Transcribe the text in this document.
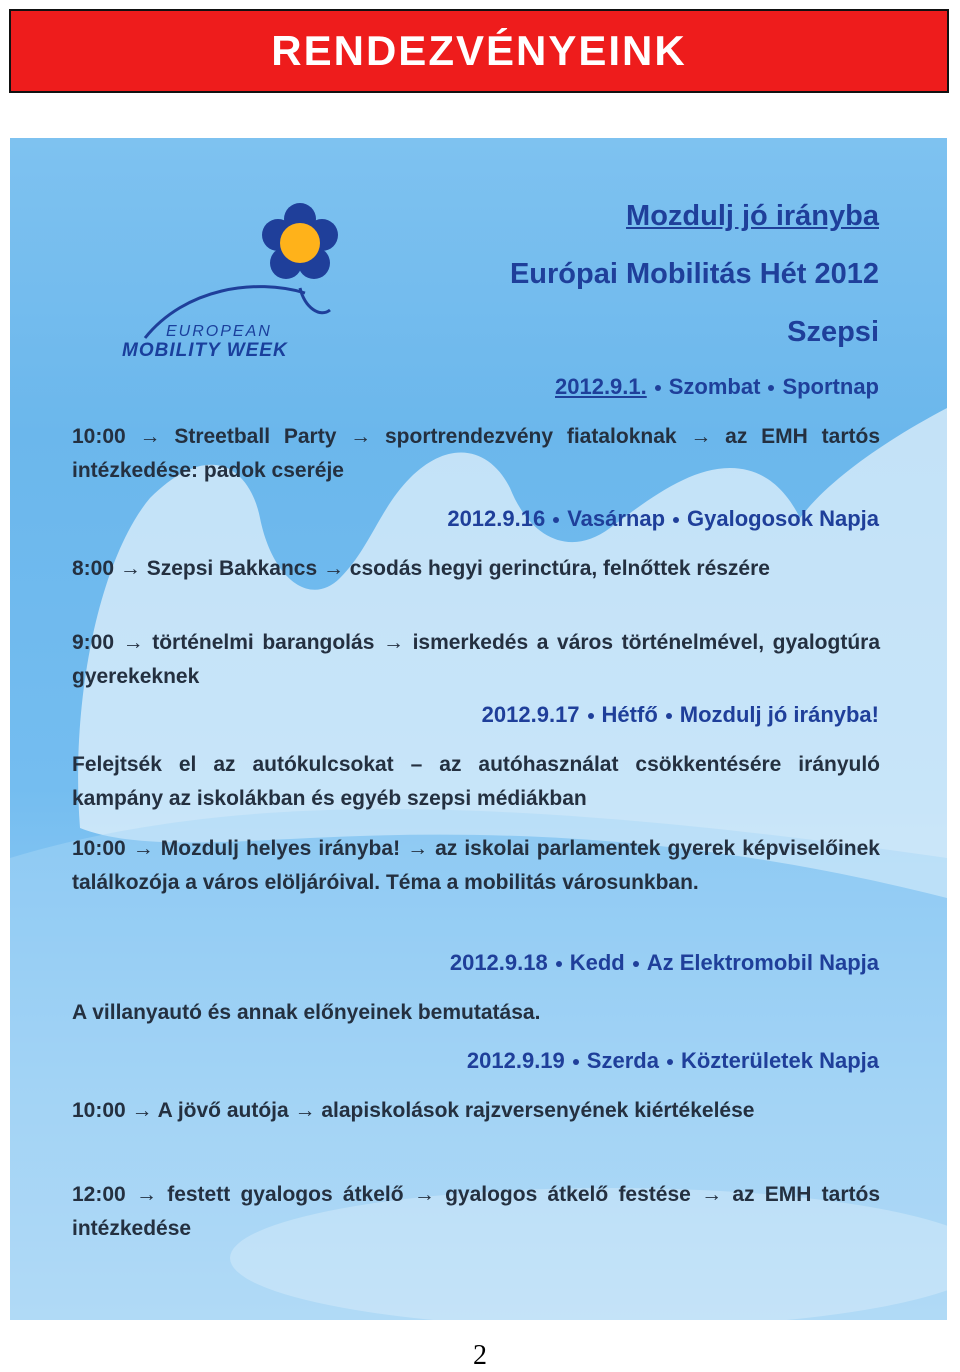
RENDEZVÉNYEINK
EUROPEAN
MOBILITY WEEK
Mozdulj jó irányba
Európai Mobilitás Hét 2012
Szepsi
2012.9.1. Szombat Sportnap
10:00 → Streetball Party → sportrendezvény fiataloknak → az EMH tartós intézkedése: padok cseréje
2012.9.16 Vasárnap Gyalogosok Napja
8:00 → Szepsi Bakkancs → csodás hegyi gerinctúra, felnőttek részére
9:00 → történelmi barangolás → ismerkedés a város történelmével, gyalogtúra gyerekeknek
2012.9.17 Hétfő Mozdulj jó irányba!
Felejtsék el az autókulcsokat – az autóhasználat csökkentésére irányuló kampány az iskolákban és egyéb szepsi médiákban
10:00 → Mozdulj helyes irányba! → az iskolai parlamentek gyerek képviselőinek találkozója a város elöljáróival. Téma a mobilitás városunkban.
2012.9.18 Kedd Az Elektromobil Napja
A villanyautó és annak előnyeinek bemutatása.
2012.9.19 Szerda Közterületek Napja
10:00 → A jövő autója → alapiskolások rajzversenyének kiértékelése
12:00 → festett gyalogos átkelő → gyalogos átkelő festése → az EMH tartós intézkedése
2
